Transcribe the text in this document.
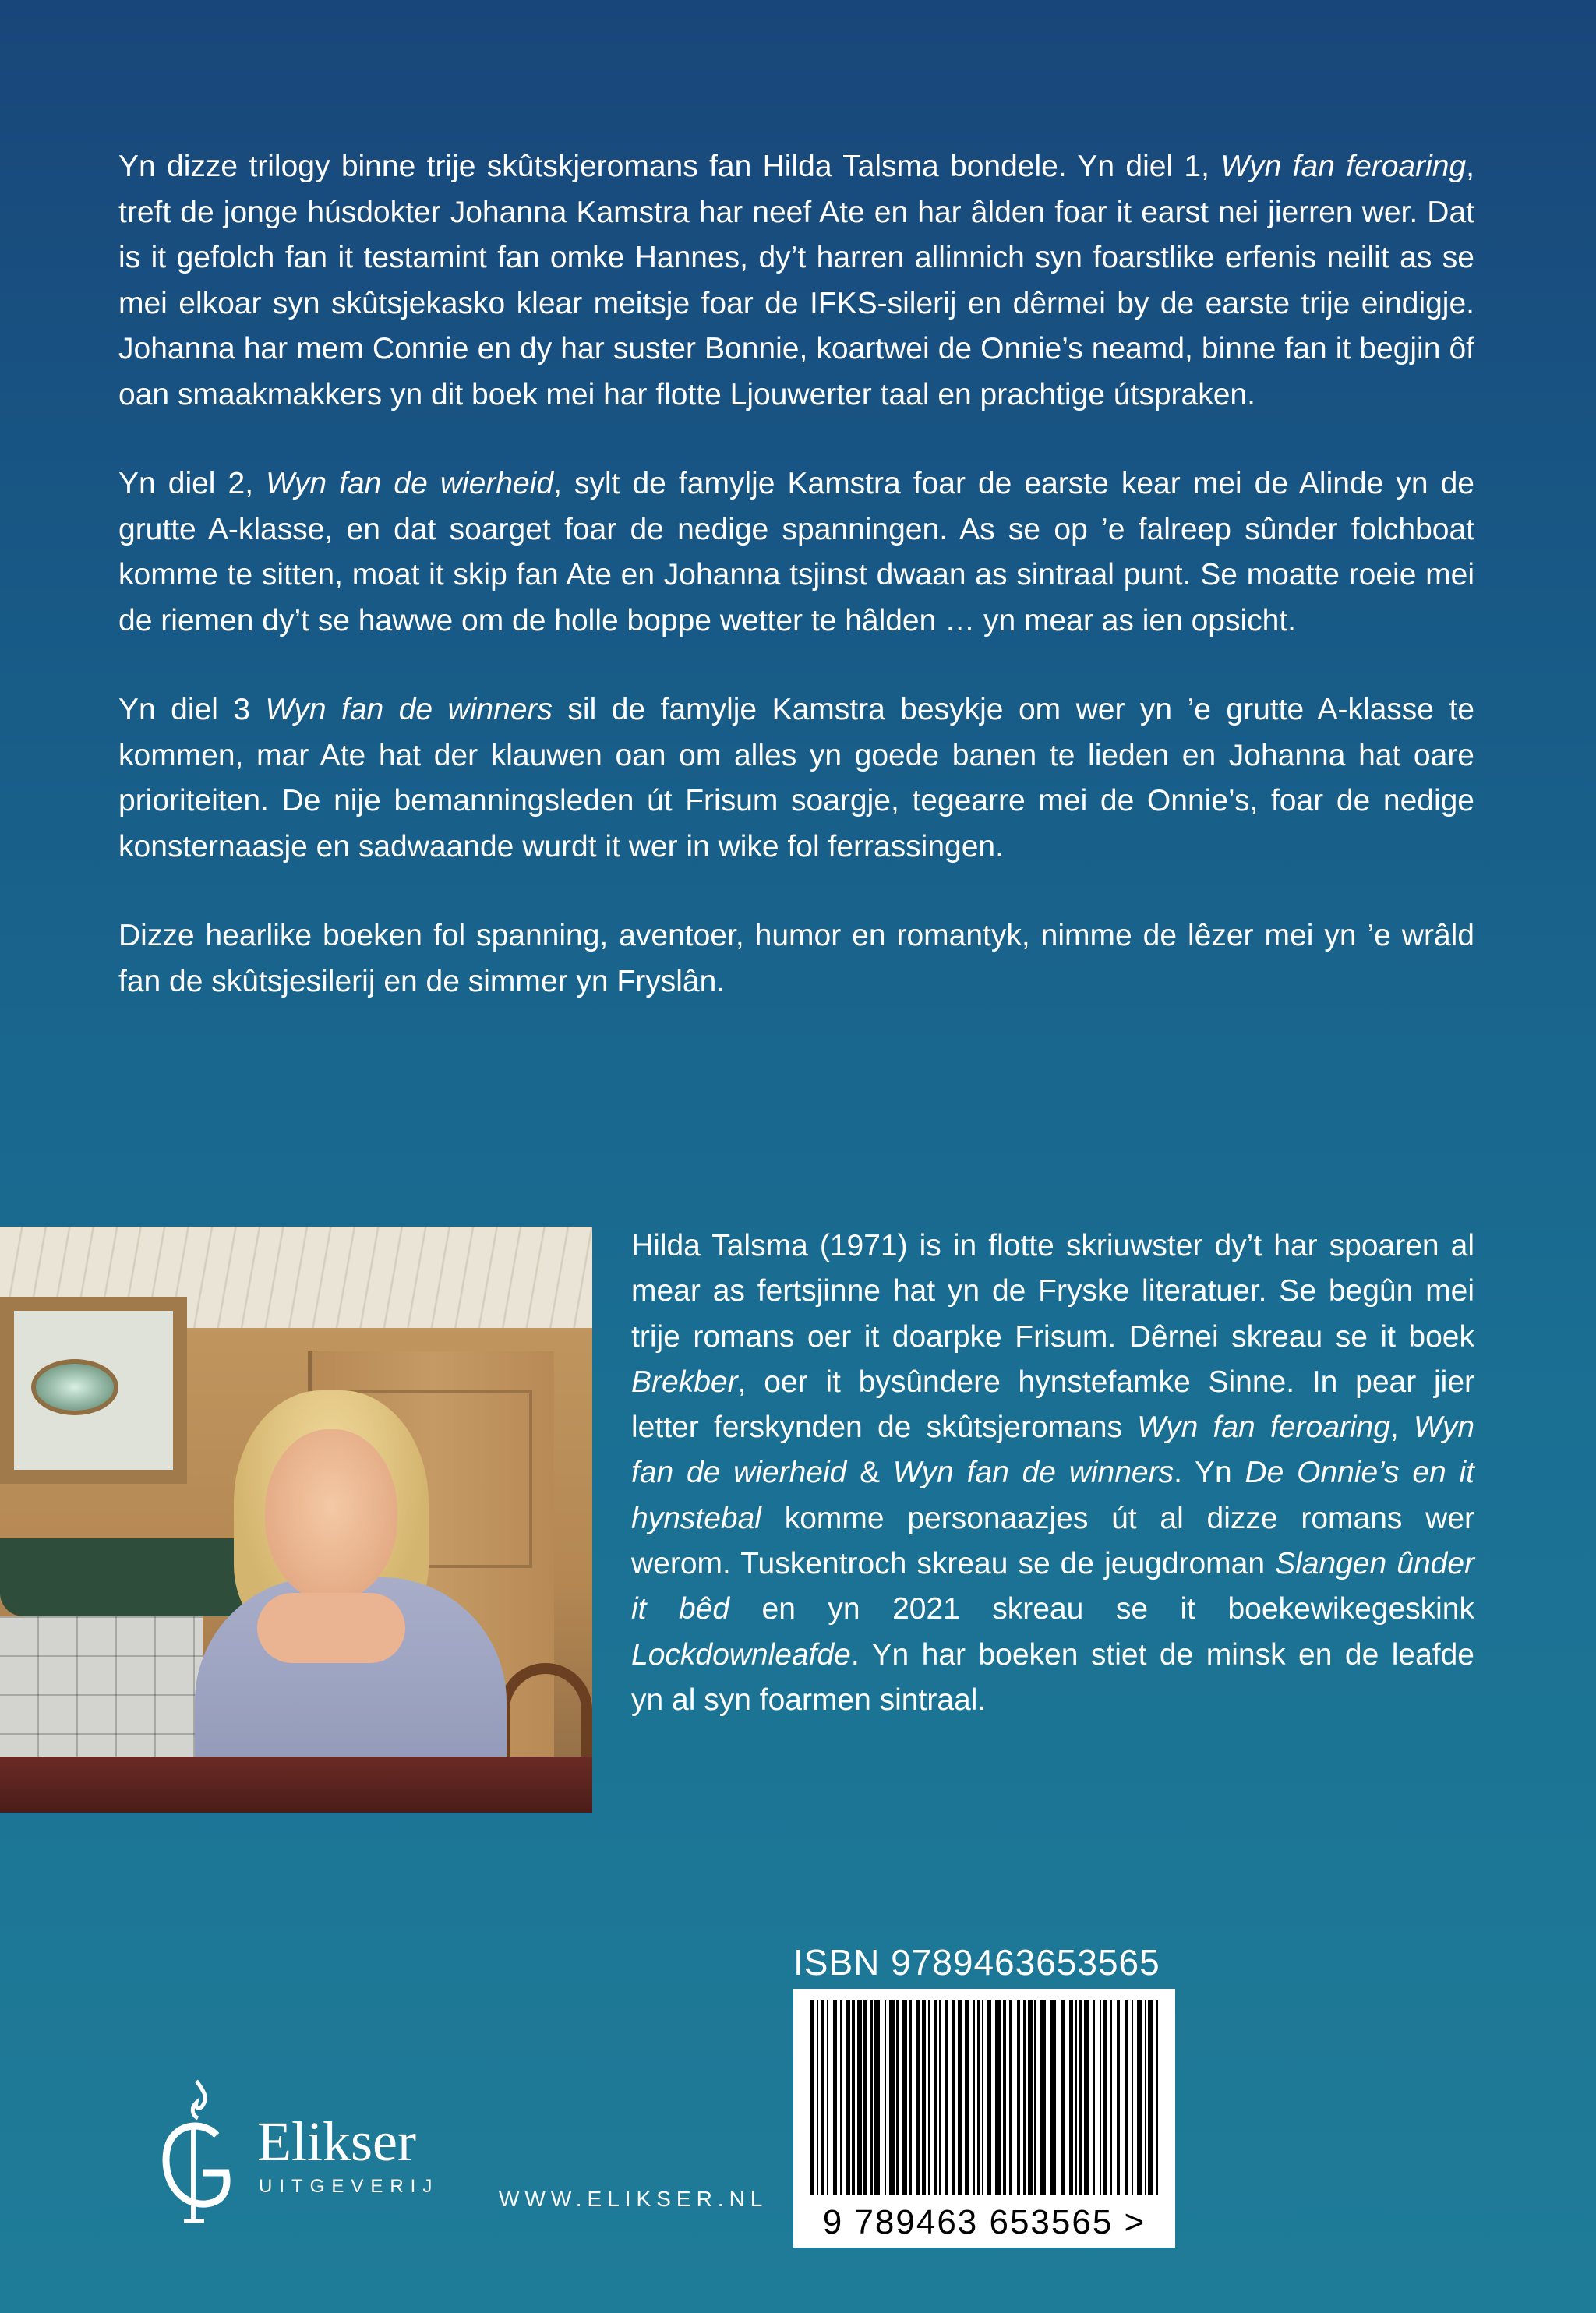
Yn dizze trilogy binne trije skûtskjeromans fan Hilda Talsma bondele. Yn diel 1, Wyn fan feroaring, treft de jonge húsdokter Johanna Kamstra har neef Ate en har âlden foar it earst nei jierren wer. Dat is it gefolch fan it testamint fan omke Hannes, dy’t harren allinnich syn foarstlike erfenis neilit as se mei elkoar syn skûtsjekasko klear meitsje foar de IFKS-silerij en dêrmei by de earste trije eindigje. Johanna har mem Connie en dy har suster Bonnie, koartwei de Onnie’s neamd, binne fan it begjin ôf oan smaakmakkers yn dit boek mei har flotte Ljouwerter taal en prachtige útspraken.

Yn diel 2, Wyn fan de wierheid, sylt de famylje Kamstra foar de earste kear mei de Alinde yn de grutte A-klasse, en dat soarget foar de nedige spanningen. As se op ’e falreep sûnder folchboat komme te sitten, moat it skip fan Ate en Johanna tsjinst dwaan as sintraal punt. Se moatte roeie mei de riemen dy’t se hawwe om de holle boppe wetter te hâlden … yn mear as ien opsicht.

Yn diel 3 Wyn fan de winners sil de famylje Kamstra besykje om wer yn ’e grutte A-klasse te kommen, mar Ate hat der klauwen oan om alles yn goede banen te lieden en Johanna hat oare prioriteiten. De nije bemanningsleden út Frisum soargje, tegearre mei de Onnie’s, foar de nedige konsternaasje en sadwaande wurdt it wer in wike fol ferrassingen.

Dizze hearlike boeken fol spanning, aventoer, humor en romantyk, nimme de lêzer mei yn ’e wrâld fan de skûtsjesilerij en de simmer yn Fryslân.

Hilda Talsma (1971) is in flotte skriuwster dy’t har spoaren al mear as fertsjinne hat yn de Fryske literatuer. Se begûn mei trije romans oer it doarpke Frisum. Dêrnei skreau se it boek Brekber, oer it bysûndere hynstefamke Sinne. In pear jier letter ferskynden de skûtsjeromans Wyn fan feroaring, Wyn fan de wierheid & Wyn fan de winners. Yn De Onnie’s en it hynstebal komme personaazjes út al dizze romans wer werom. Tuskentroch skreau se de jeugdroman Slangen ûnder it bêd en yn 2021 skreau se it boekewikegeskink Lockdownleafde. Yn har boeken stiet de minsk en de leafde yn al syn foarmen sintraal.

ISBN 9789463653565
9 789463 653565 >
Elikser
UITGEVERIJ
WWW.ELIKSER.NL
